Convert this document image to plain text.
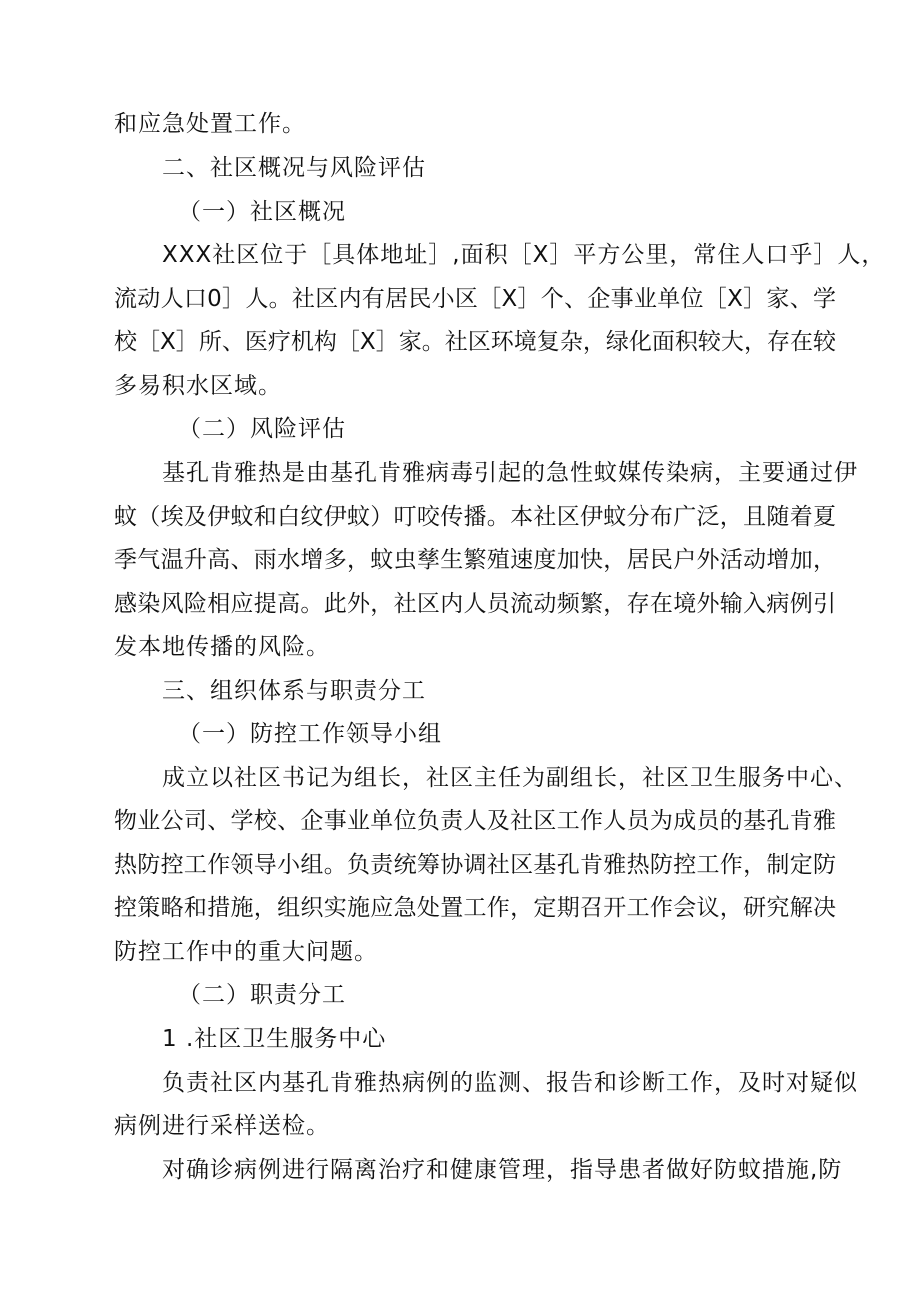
和应急处置工作。
二、社区概况与风险评估
（一）社区概况
XXX社区位于［具体地址］,面积［X］平方公里，常住人口乎］人，
流动人口0］人。社区内有居民小区［X］个、企事业单位［X］家、学
校［X］所、医疗机构［X］家。社区环境复杂，绿化面积较大，存在较
多易积水区域。
（二）风险评估
基孔肯雅热是由基孔肯雅病毒引起的急性蚊媒传染病，主要通过伊
蚊（埃及伊蚊和白纹伊蚊）叮咬传播。本社区伊蚊分布广泛，且随着夏
季气温升高、雨水增多，蚊虫孳生繁殖速度加快，居民户外活动增加，
感染风险相应提高。此外，社区内人员流动频繁，存在境外输入病例引
发本地传播的风险。
三、组织体系与职责分工
（一）防控工作领导小组
成立以社区书记为组长，社区主任为副组长，社区卫生服务中心、
物业公司、学校、企事业单位负责人及社区工作人员为成员的基孔肯雅
热防控工作领导小组。负责统筹协调社区基孔肯雅热防控工作，制定防
控策略和措施，组织实施应急处置工作，定期召开工作会议，研究解决
防控工作中的重大问题。
（二）职责分工
1 .社区卫生服务中心
负责社区内基孔肯雅热病例的监测、报告和诊断工作，及时对疑似
病例进行采样送检。
对确诊病例进行隔离治疗和健康管理，指导患者做好防蚊措施,防
